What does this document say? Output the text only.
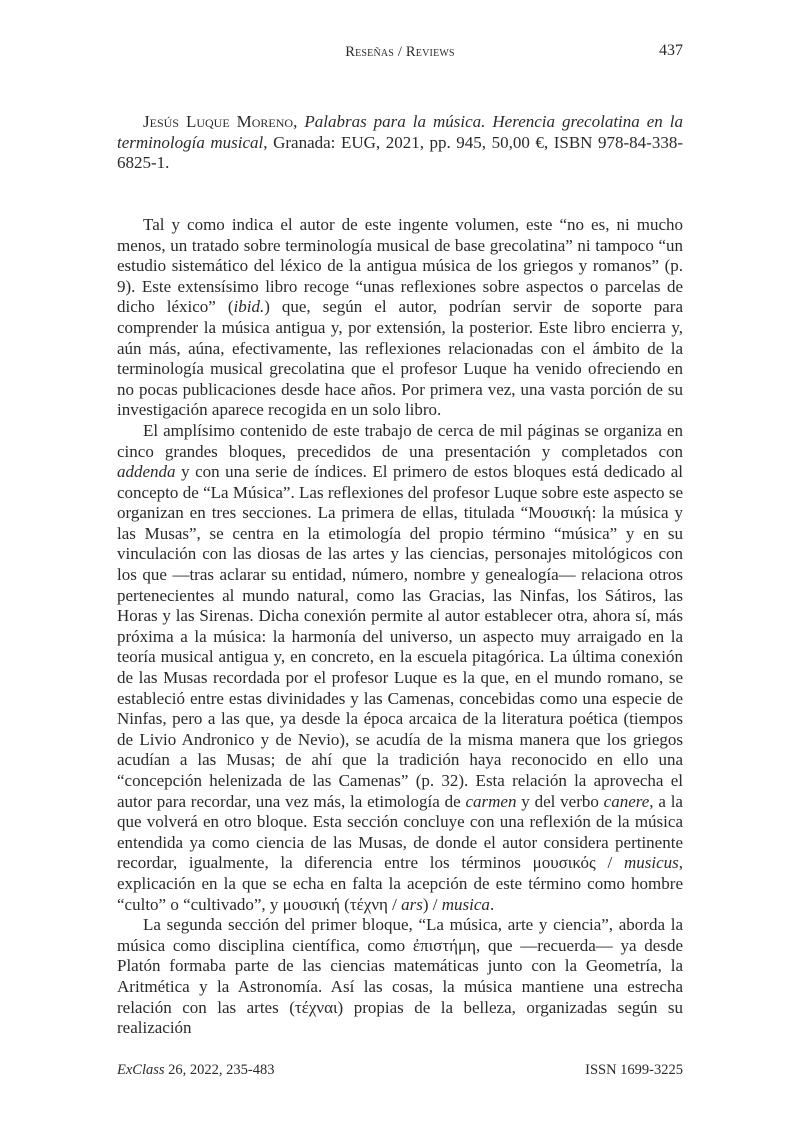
Reseñas / Reviews	437

Jesús Luque Moreno, Palabras para la música. Herencia grecolatina en la terminología musical, Granada: EUG, 2021, pp. 945, 50,00 €, ISBN 978-84-338-6825-1.

Tal y como indica el autor de este ingente volumen, este “no es, ni mucho menos, un tratado sobre terminología musical de base grecolatina” ni tampoco “un estudio sistemático del léxico de la antigua música de los griegos y romanos” (p. 9). Este extensísimo libro recoge “unas reflexiones sobre aspectos o parcelas de dicho léxico” (ibid.) que, según el autor, podrían servir de soporte para comprender la música antigua y, por extensión, la posterior. Este libro encierra y, aún más, aúna, efectivamente, las reflexiones relacionadas con el ámbito de la terminología musical grecolatina que el profesor Luque ha venido ofreciendo en no pocas publicaciones desde hace años. Por primera vez, una vasta porción de su investigación aparece recogida en un solo libro.

El amplísimo contenido de este trabajo de cerca de mil páginas se organiza en cinco grandes bloques, precedidos de una presentación y completados con addenda y con una serie de índices. El primero de estos bloques está dedicado al concepto de “La Música”. Las reflexiones del profesor Luque sobre este aspecto se organizan en tres secciones. La primera de ellas, titulada “Μουσική: la música y las Musas”, se centra en la etimología del propio término “música” y en su vinculación con las diosas de las artes y las ciencias, personajes mitológicos con los que —tras aclarar su entidad, número, nombre y genealogía— relaciona otros pertenecientes al mundo natural, como las Gracias, las Ninfas, los Sátiros, las Horas y las Sirenas. Dicha conexión permite al autor establecer otra, ahora sí, más próxima a la música: la harmonía del universo, un aspecto muy arraigado en la teoría musical antigua y, en concreto, en la escuela pitagórica. La última conexión de las Musas recordada por el profesor Luque es la que, en el mundo romano, se estableció entre estas divinidades y las Camenas, concebidas como una especie de Ninfas, pero a las que, ya desde la época arcaica de la literatura poética (tiempos de Livio Andronico y de Nevio), se acudía de la misma manera que los griegos acudían a las Musas; de ahí que la tradición haya reconocido en ello una “concepción helenizada de las Camenas” (p. 32). Esta relación la aprovecha el autor para recordar, una vez más, la etimología de carmen y del verbo canere, a la que volverá en otro bloque. Esta sección concluye con una reflexión de la música entendida ya como ciencia de las Musas, de donde el autor considera pertinente recordar, igualmente, la diferencia entre los términos μουσικός / musicus, explicación en la que se echa en falta la acepción de este término como hombre “culto” o “cultivado”, y μουσική (τέχνη / ars) / musica.

La segunda sección del primer bloque, “La música, arte y ciencia”, aborda la música como disciplina científica, como ἐπιστήμη, que —recuerda— ya desde Platón formaba parte de las ciencias matemáticas junto con la Geometría, la Aritmética y la Astronomía. Así las cosas, la música mantiene una estrecha relación con las artes (τέχναι) propias de la belleza, organizadas según su realización

ExClass 26, 2022, 235-483	ISSN 1699-3225
